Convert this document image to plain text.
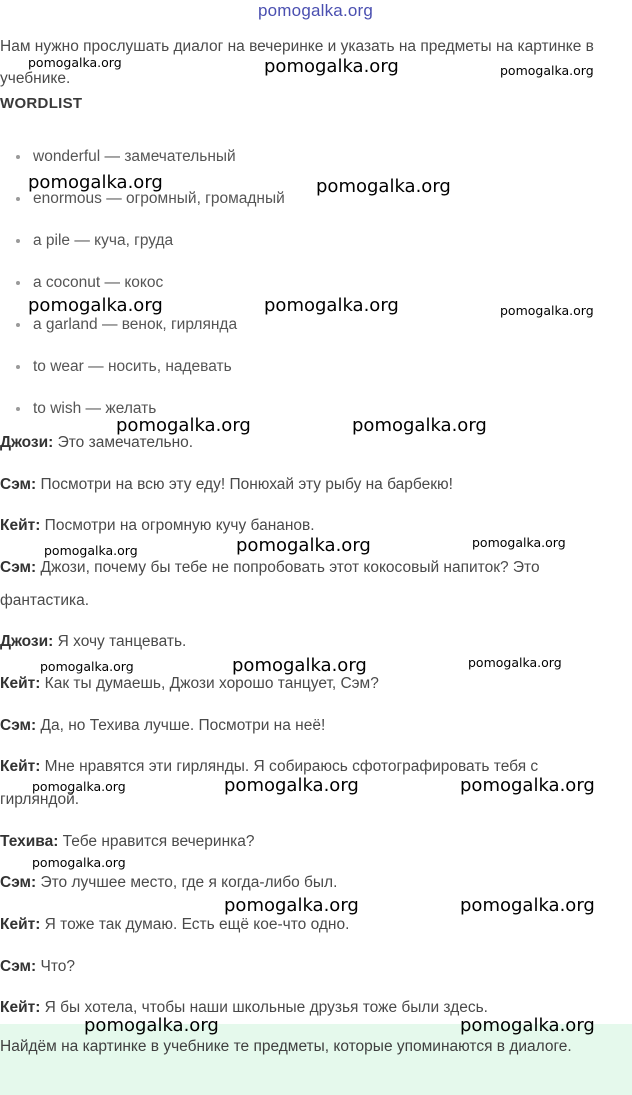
pomogalka.org

Нам нужно прослушать диалог на вечеринке и указать на предметы на картинке в учебнике.

WORDLIST
wonderful — замечательный
enormous — огромный, громадный
a pile — куча, груда
a coconut — кокос
a garland — венок, гирлянда
to wear — носить, надевать
to wish — желать

Джози: Это замечательно.

Сэм: Посмотри на всю эту еду! Понюхай эту рыбу на барбекю!

Кейт: Посмотри на огромную кучу бананов.

Сэм: Джози, почему бы тебе не попробовать этот кокосовый напиток? Это фантастика.

Джози: Я хочу танцевать.

Кейт: Как ты думаешь, Джози хорошо танцует, Сэм?

Сэм: Да, но Техива лучше. Посмотри на неё!

Кейт: Мне нравятся эти гирлянды. Я собираюсь сфотографировать тебя с гирляндой.

Техива: Тебе нравится вечеринка?

Сэм: Это лучшее место, где я когда-либо был.

Кейт: Я тоже так думаю. Есть ещё кое-что одно.

Сэм: Что?

Кейт: Я бы хотела, чтобы наши школьные друзья тоже были здесь.

Найдём на картинке в учебнике те предметы, которые упоминаются в диалоге.

pomogalka.org	pomogalka.org	pomogalka.org
pomogalka.org	pomogalka.org
pomogalka.org	pomogalka.org	pomogalka.org
pomogalka.org	pomogalka.org
pomogalka.org	pomogalka.org	pomogalka.org
pomogalka.org	pomogalka.org	pomogalka.org
pomogalka.org	pomogalka.org	pomogalka.org
pomogalka.org
pomogalka.org	pomogalka.org
pomogalka.org	pomogalka.org
